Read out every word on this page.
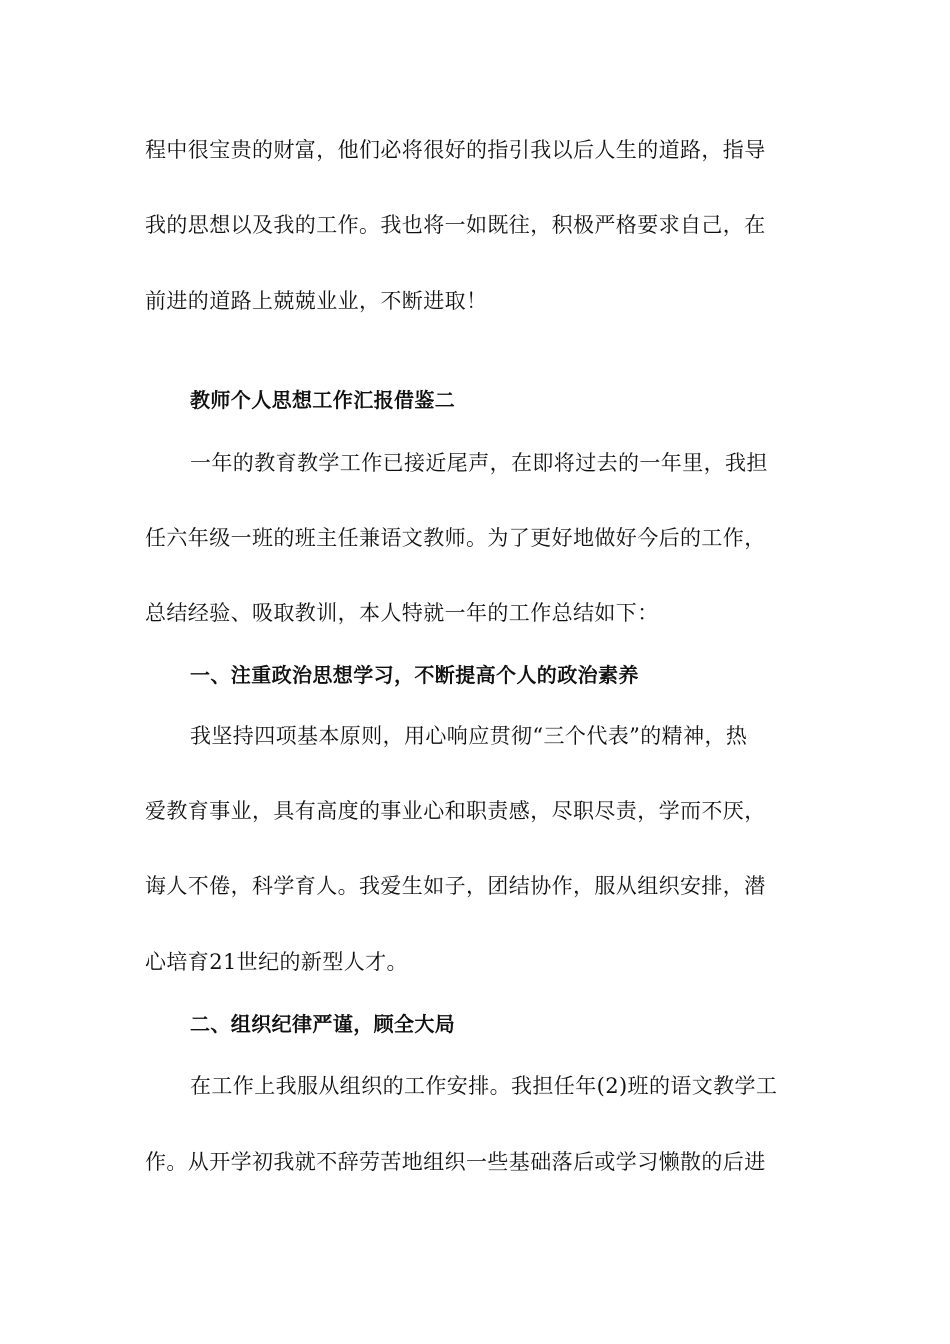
程中很宝贵的财富，他们必将很好的指引我以后人生的道路，指导
我的思想以及我的工作。我也将一如既往，积极严格要求自己，在
前进的道路上兢兢业业，不断进取！
教师个人思想工作汇报借鉴二
一年的教育教学工作已接近尾声，在即将过去的一年里，我担
任六年级一班的班主任兼语文教师。为了更好地做好今后的工作，
总结经验、吸取教训，本人特就一年的工作总结如下：
一、注重政治思想学习，不断提高个人的政治素养
我坚持四项基本原则，用心响应贯彻“三个代表”的精神，热
爱教育事业，具有高度的事业心和职责感，尽职尽责，学而不厌，
诲人不倦，科学育人。我爱生如子，团结协作，服从组织安排，潜
心培育21世纪的新型人才。
二、组织纪律严谨，顾全大局
在工作上我服从组织的工作安排。我担任年(2)班的语文教学工
作。从开学初我就不辞劳苦地组织一些基础落后或学习懒散的后进
